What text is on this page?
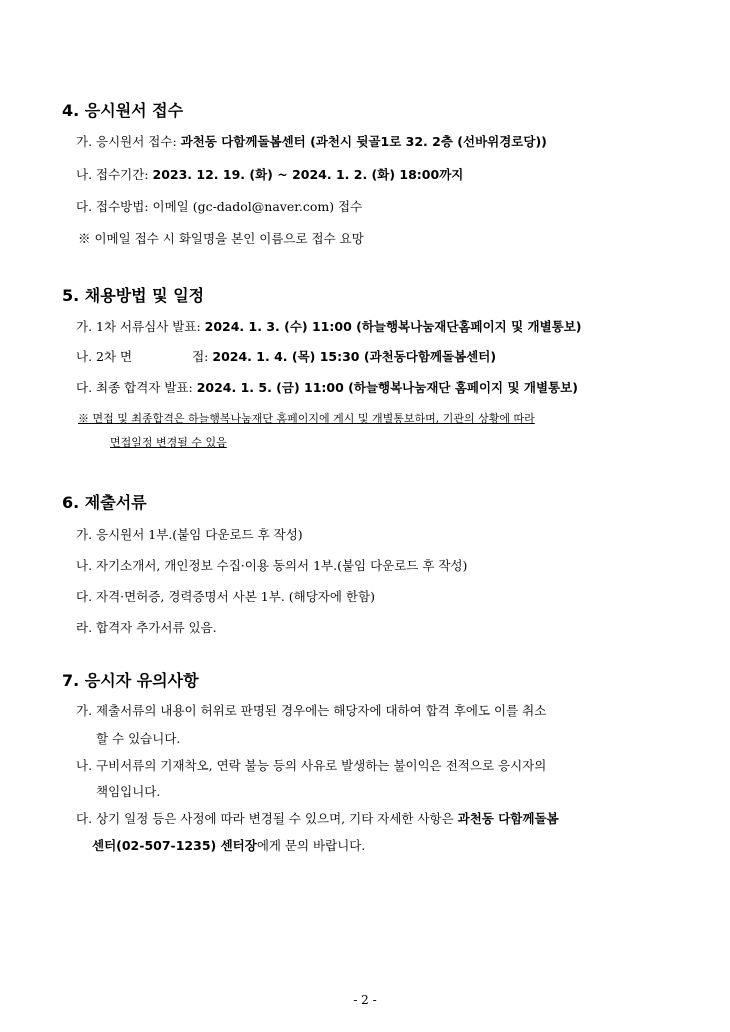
4. 응시원서 접수
가. 응시원서 접수: 과천동 다함께돌봄센터 (과천시 뒷골1로 32. 2층 (선바위경로당))
나. 접수기간: 2023. 12. 19. (화) ~ 2024. 1. 2. (화) 18:00까지
다. 접수방법: 이메일 (gc-dadol@naver.com) 접수
※ 이메일 접수 시 화일명을 본인 이름으로 접수 요망
5. 채용방법 및 일정
가. 1차 서류심사 발표: 2024. 1. 3. (수) 11:00 (하늘행복나눔재단홈페이지 및 개별통보)
나. 2차 면	접: 2024. 1. 4. (목) 15:30 (과천동다함께돌봄센터)
다. 최종 합격자 발표: 2024. 1. 5. (금) 11:00 (하늘행복나눔재단 홈페이지 및 개별통보)
※ 면접 및 최종합격은 하늘행복나눔재단 홈페이지에 게시 및 개별통보하며, 기관의 상황에 따라
면접일정 변경될 수 있음
6. 제출서류
가. 응시원서 1부.(붙임 다운로드 후 작성)
나. 자기소개서, 개인정보 수집·이용 동의서 1부.(붙임 다운로드 후 작성)
다. 자격·면허증, 경력증명서 사본 1부. (해당자에 한함)
라. 합격자 추가서류 있음.
7. 응시자 유의사항
가. 제출서류의 내용이 허위로 판명된 경우에는 해당자에 대하여 합격 후에도 이를 취소
할 수 있습니다.
나. 구비서류의 기재착오, 연락 불능 등의 사유로 발생하는 불이익은 전적으로 응시자의
책임입니다.
다. 상기 일정 등은 사정에 따라 변경될 수 있으며, 기타 자세한 사항은 과천동 다함께돌봄
센터(02-507-1235) 센터장에게 문의 바랍니다.
- 2 -
